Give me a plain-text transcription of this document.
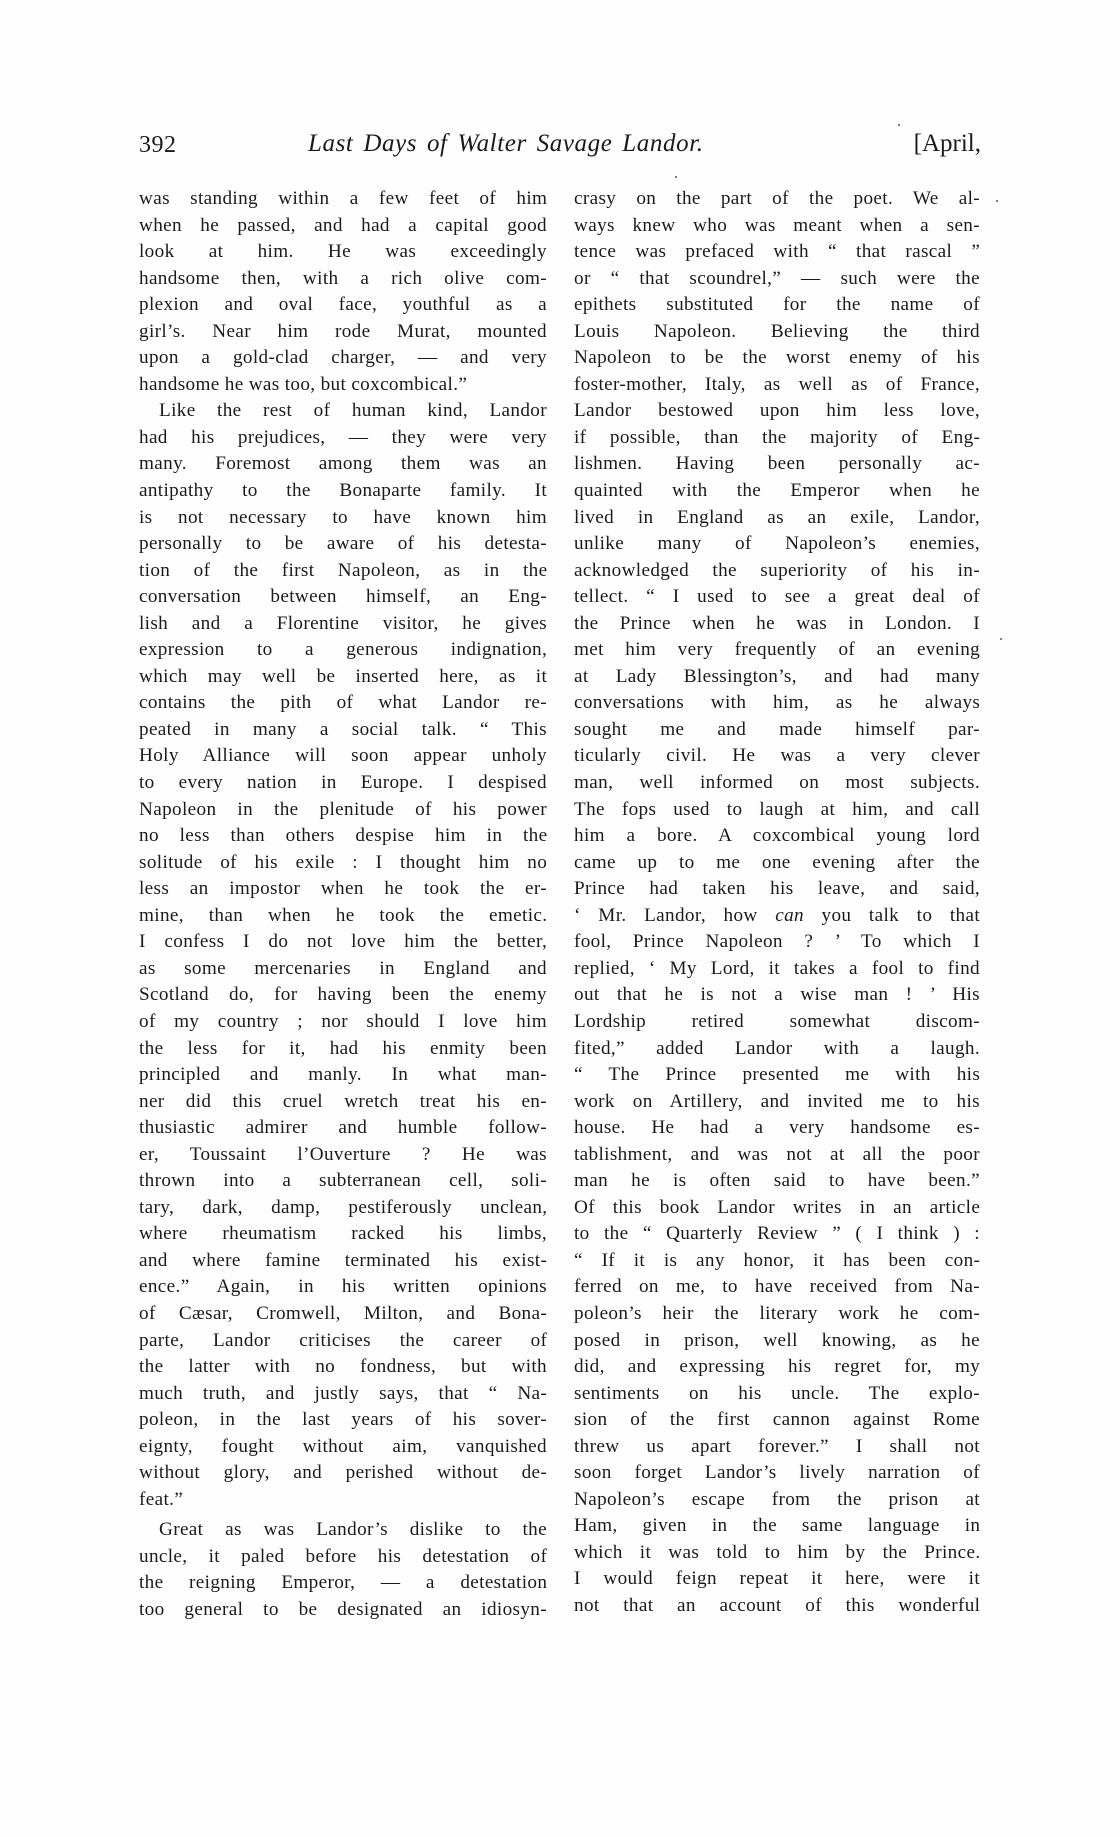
392	Last Days of Walter Savage Landor.	[April,
was standing within a few feet of him
when he passed, and had a capital good
look at him. He was exceedingly
handsome then, with a rich olive com-
plexion and oval face, youthful as a
girl’s. Near him rode Murat, mounted
upon a gold-clad charger, — and very
handsome he was too, but coxcombical.”
Like the rest of human kind, Landor
had his prejudices, — they were very
many. Foremost among them was an
antipathy to the Bonaparte family. It
is not necessary to have known him
personally to be aware of his detesta-
tion of the first Napoleon, as in the
conversation between himself, an Eng-
lish and a Florentine visitor, he gives
expression to a generous indignation,
which may well be inserted here, as it
contains the pith of what Landor re-
peated in many a social talk. “ This
Holy Alliance will soon appear unholy
to every nation in Europe. I despised
Napoleon in the plenitude of his power
no less than others despise him in the
solitude of his exile : I thought him no
less an impostor when he took the er-
mine, than when he took the emetic.
I confess I do not love him the better,
as some mercenaries in England and
Scotland do, for having been the enemy
of my country ; nor should I love him
the less for it, had his enmity been
principled and manly. In what man-
ner did this cruel wretch treat his en-
thusiastic admirer and humble follow-
er, Toussaint l’Ouverture ? He was
thrown into a subterranean cell, soli-
tary, dark, damp, pestiferously unclean,
where rheumatism racked his limbs,
and where famine terminated his exist-
ence.” Again, in his written opinions
of Cæsar, Cromwell, Milton, and Bona-
parte, Landor criticises the career of
the latter with no fondness, but with
much truth, and justly says, that “ Na-
poleon, in the last years of his sover-
eignty, fought without aim, vanquished
without glory, and perished without de-
feat.”
Great as was Landor’s dislike to the
uncle, it paled before his detestation of
the reigning Emperor, — a detestation
too general to be designated an idiosyn-
crasy on the part of the poet. We al-
ways knew who was meant when a sen-
tence was prefaced with “ that rascal ”
or “ that scoundrel,” — such were the
epithets substituted for the name of
Louis Napoleon. Believing the third
Napoleon to be the worst enemy of his
foster-mother, Italy, as well as of France,
Landor bestowed upon him less love,
if possible, than the majority of Eng-
lishmen. Having been personally ac-
quainted with the Emperor when he
lived in England as an exile, Landor,
unlike many of Napoleon’s enemies,
acknowledged the superiority of his in-
tellect. “ I used to see a great deal of
the Prince when he was in London. I
met him very frequently of an evening
at Lady Blessington’s, and had many
conversations with him, as he always
sought me and made himself par-
ticularly civil. He was a very clever
man, well informed on most subjects.
The fops used to laugh at him, and call
him a bore. A coxcombical young lord
came up to me one evening after the
Prince had taken his leave, and said,
‘ Mr. Landor, how can you talk to that
fool, Prince Napoleon ? ’ To which I
replied, ‘ My Lord, it takes a fool to find
out that he is not a wise man ! ’ His
Lordship retired somewhat discom-
fited,” added Landor with a laugh.
“ The Prince presented me with his
work on Artillery, and invited me to his
house. He had a very handsome es-
tablishment, and was not at all the poor
man he is often said to have been.”
Of this book Landor writes in an article
to the “ Quarterly Review ” ( I think ) :
“ If it is any honor, it has been con-
ferred on me, to have received from Na-
poleon’s heir the literary work he com-
posed in prison, well knowing, as he
did, and expressing his regret for, my
sentiments on his uncle. The explo-
sion of the first cannon against Rome
threw us apart forever.” I shall not
soon forget Landor’s lively narration of
Napoleon’s escape from the prison at
Ham, given in the same language in
which it was told to him by the Prince.
I would feign repeat it here, were it
not that an account of this wonderful
